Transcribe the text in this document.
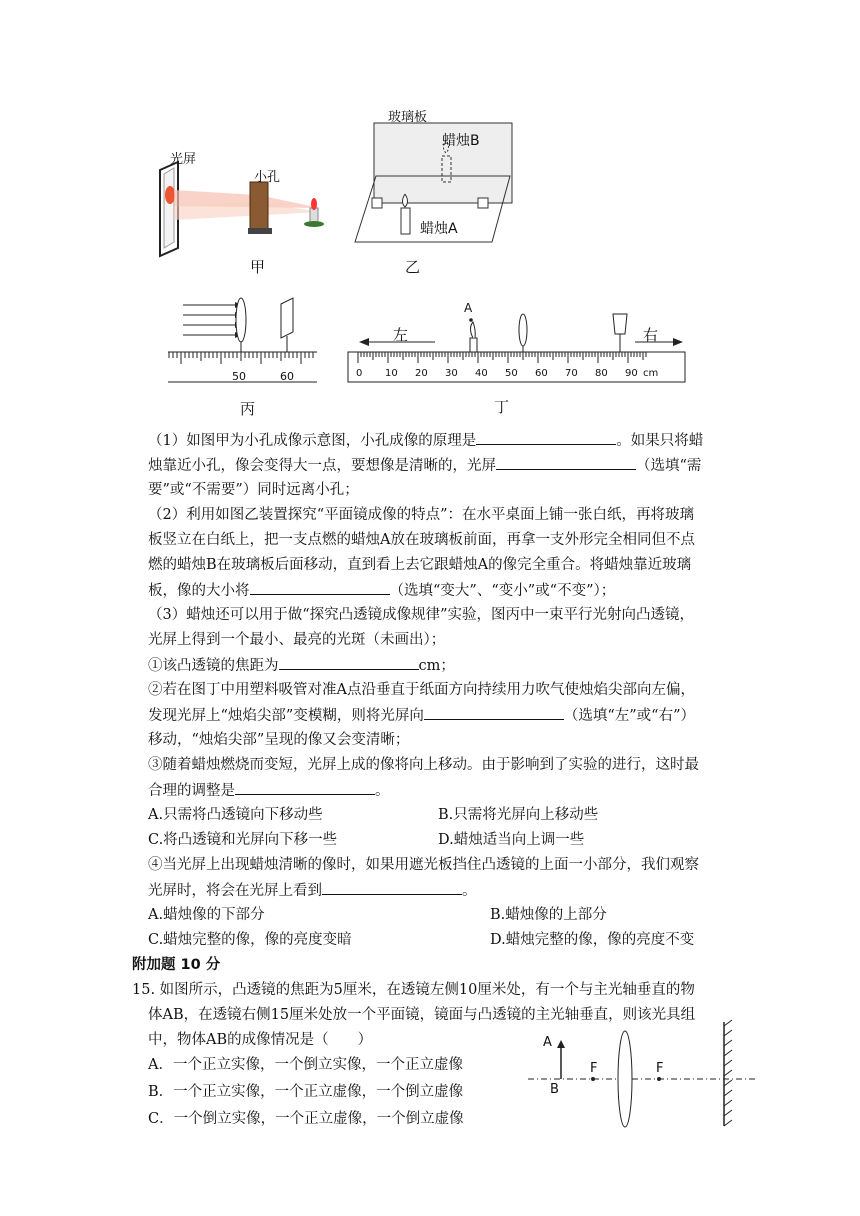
光屏
小孔
甲
玻璃板
蜡烛B
蜡烛A
乙
50	60
丙
左	右
A
0 10 20 30 40 50 60 70 80 90 cm
丁
（1）如图甲为小孔成像示意图，小孔成像的原理是	。如果只将蜡
烛靠近小孔，像会变得大一点，要想像是清晰的，光屏	（选填“需
要”或“不需要”）同时远离小孔；
（2）利用如图乙装置探究“平面镜成像的特点”：在水平桌面上铺一张白纸，再将玻璃
板竖立在白纸上，把一支点燃的蜡烛A放在玻璃板前面，再拿一支外形完全相同但不点
燃的蜡烛B在玻璃板后面移动，直到看上去它跟蜡烛A的像完全重合。将蜡烛靠近玻璃
板，像的大小将	（选填“变大”、“变小”或“不变”）；
（3）蜡烛还可以用于做“探究凸透镜成像规律”实验，图丙中一束平行光射向凸透镜，
光屏上得到一个最小、最亮的光斑（未画出）；
①该凸透镜的焦距为	cm；
②若在图丁中用塑料吸管对准A点沿垂直于纸面方向持续用力吹气使烛焰尖部向左偏，
发现光屏上“烛焰尖部”变模糊，则将光屏向	（选填“左”或“右”）
移动，“烛焰尖部”呈现的像又会变清晰；
③随着蜡烛燃烧而变短，光屏上成的像将向上移动。由于影响到了实验的进行，这时最
合理的调整是	。
A.只需将凸透镜向下移动些	B.只需将光屏向上移动些
C.将凸透镜和光屏向下移一些	D.蜡烛适当向上调一些
④当光屏上出现蜡烛清晰的像时，如果用遮光板挡住凸透镜的上面一小部分，我们观察
光屏时，将会在光屏上看到	。
A.蜡烛像的下部分	B.蜡烛像的上部分
C.蜡烛完整的像，像的亮度变暗	D.蜡烛完整的像，像的亮度不变
附加题 10 分
15. 如图所示，凸透镜的焦距为5厘米，在透镜左侧10厘米处，有一个与主光轴垂直的物
体AB，在透镜右侧15厘米处放一个平面镜，镜面与凸透镜的主光轴垂直，则该光具组
中，物体AB的成像情况是（　　）
A．一个正立实像，一个倒立实像，一个正立虚像
B．一个正立实像，一个正立虚像，一个倒立虚像
C．一个倒立实像，一个正立虚像，一个倒立虚像
A
B
F	F
